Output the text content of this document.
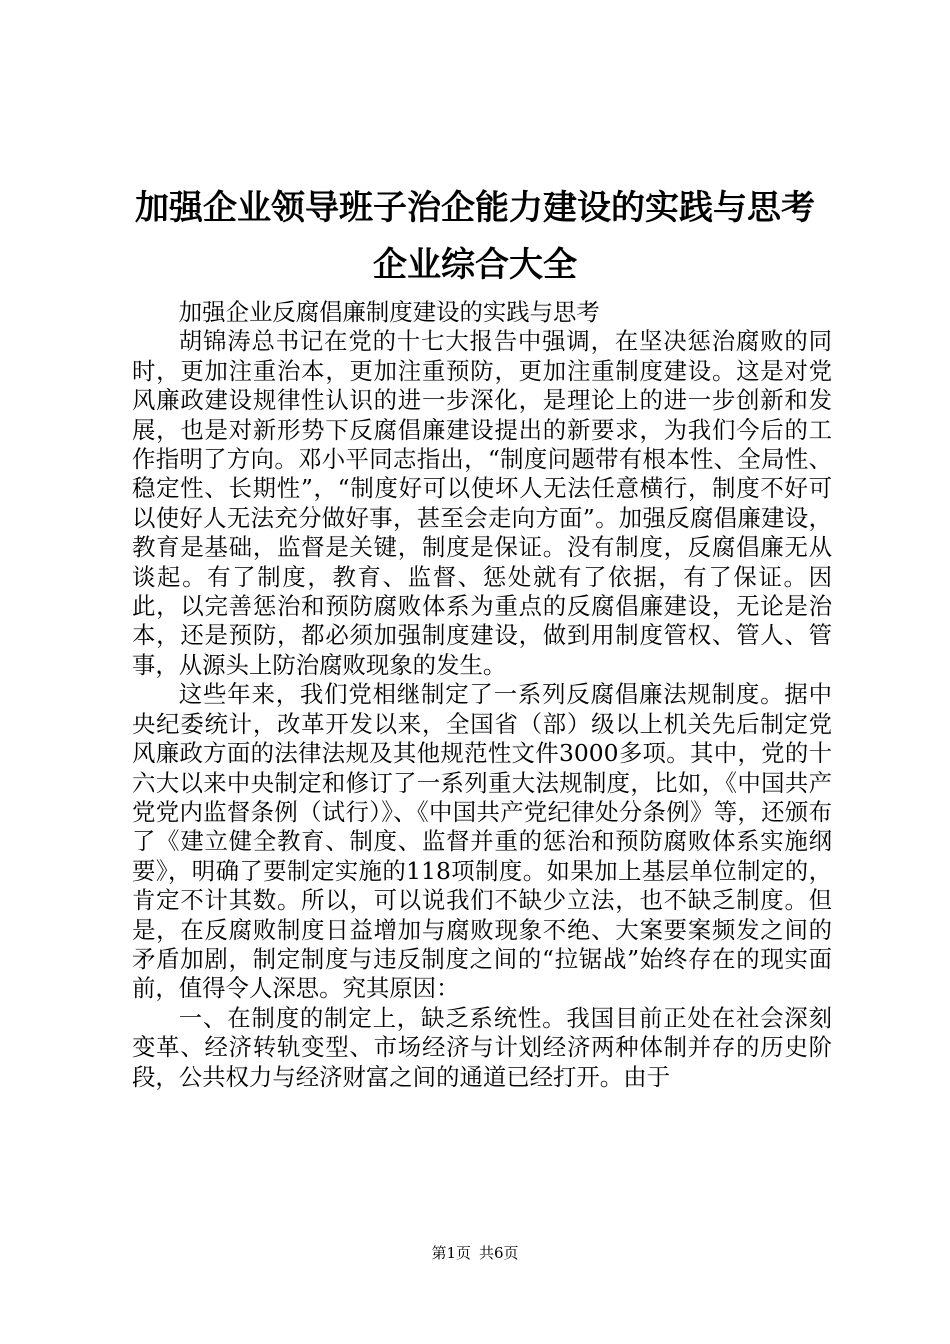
加强企业领导班子治企能力建设的实践与思考
企业综合大全

加强企业反腐倡廉制度建设的实践与思考

胡锦涛总书记在党的十七大报告中强调，在坚决惩治腐败的同时，更加注重治本，更加注重预防，更加注重制度建设。这是对党风廉政建设规律性认识的进一步深化，是理论上的进一步创新和发展，也是对新形势下反腐倡廉建设提出的新要求，为我们今后的工作指明了方向。邓小平同志指出，“制度问题带有根本性、全局性、稳定性、长期性”，“制度好可以使坏人无法任意横行，制度不好可以使好人无法充分做好事，甚至会走向方面”。加强反腐倡廉建设，教育是基础，监督是关键，制度是保证。没有制度，反腐倡廉无从谈起。有了制度，教育、监督、惩处就有了依据，有了保证。因此，以完善惩治和预防腐败体系为重点的反腐倡廉建设，无论是治本，还是预防，都必须加强制度建设，做到用制度管权、管人、管事，从源头上防治腐败现象的发生。

这些年来，我们党相继制定了一系列反腐倡廉法规制度。据中央纪委统计，改革开发以来，全国省（部）级以上机关先后制定党风廉政方面的法律法规及其他规范性文件3000多项。其中，党的十六大以来中央制定和修订了一系列重大法规制度，比如，《中国共产党党内监督条例（试行）》、《中国共产党纪律处分条例》等，还颁布了《建立健全教育、制度、监督并重的惩治和预防腐败体系实施纲要》，明确了要制定实施的118项制度。如果加上基层单位制定的，肯定不计其数。所以，可以说我们不缺少立法，也不缺乏制度。但是，在反腐败制度日益增加与腐败现象不绝、大案要案频发之间的矛盾加剧，制定制度与违反制度之间的“拉锯战”始终存在的现实面前，值得令人深思。究其原因：

一、在制度的制定上，缺乏系统性。我国目前正处在社会深刻变革、经济转轨变型、市场经济与计划经济两种体制并存的历史阶段，公共权力与经济财富之间的通道已经打开。由于

第1页 共6页
